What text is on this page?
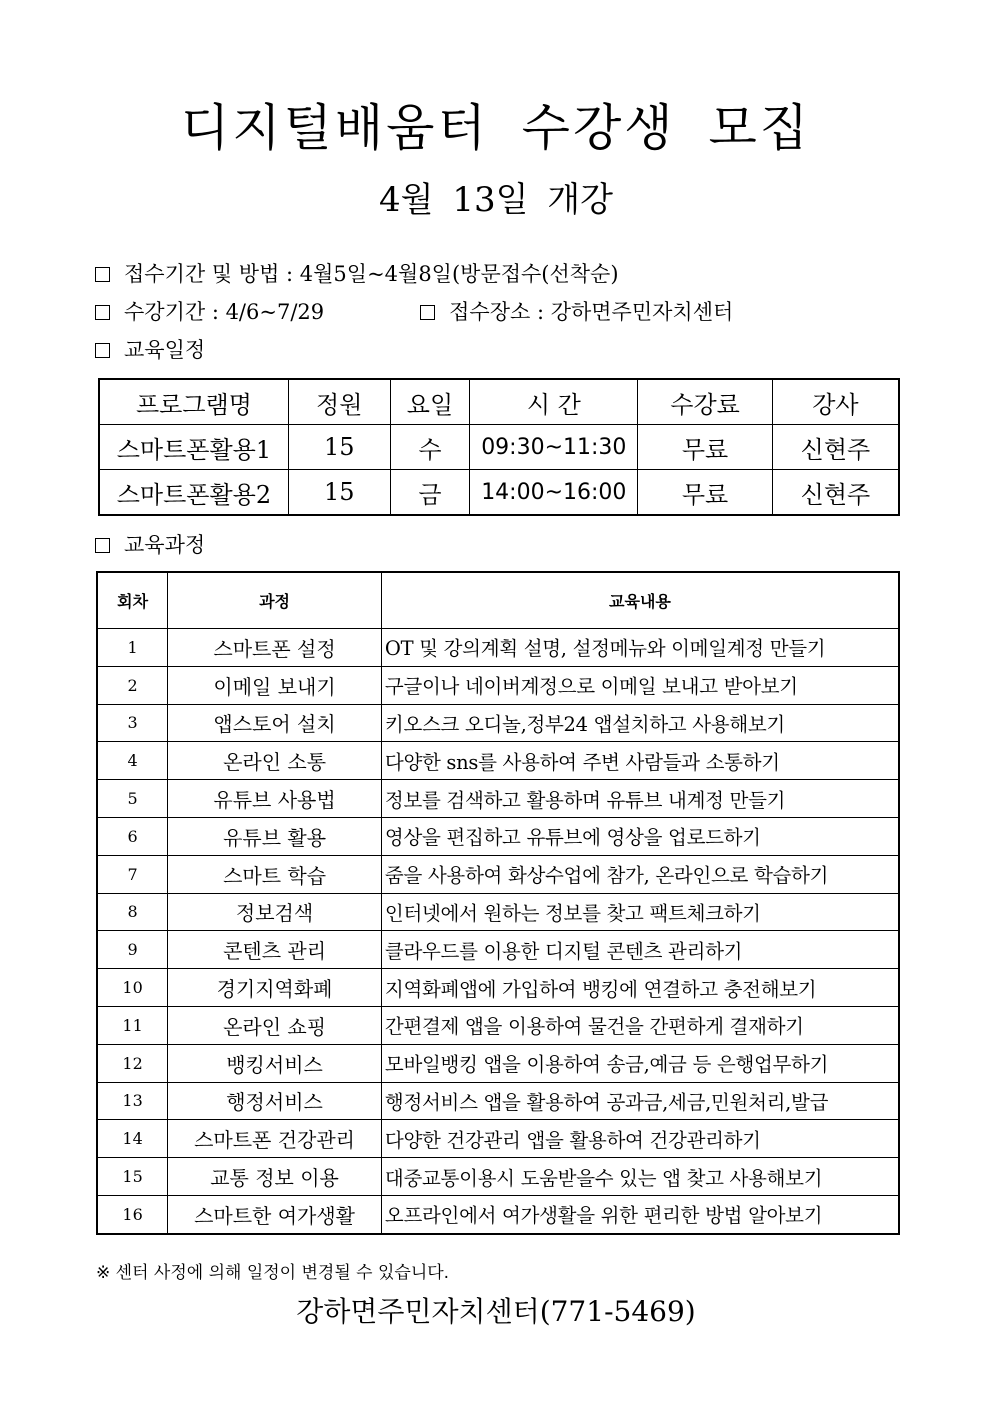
디지털배움터 수강생 모집
4월 13일 개강
접수기간 및 방법 : 4월5일~4월8일(방문접수(선착순)
수강기간 : 4/6~7/29	접수장소 : 강하면주민자치센터
교육일정
프로그램명	정원	요일	시 간	수강료	강사
스마트폰활용1	15	수	09:30~11:30	무료	신현주
스마트폰활용2	15	금	14:00~16:00	무료	신현주
교육과정
회차	과정	교육내용
1	스마트폰 설정	OT 및 강의계획 설명, 설정메뉴와 이메일계정 만들기
2	이메일 보내기	구글이나 네이버계정으로 이메일 보내고 받아보기
3	앱스토어 설치	키오스크 오디놀,정부24 앱설치하고 사용해보기
4	온라인 소통	다양한 sns를 사용하여 주변 사람들과 소통하기
5	유튜브 사용법	정보를 검색하고 활용하며 유튜브 내계정 만들기
6	유튜브 활용	영상을 편집하고 유튜브에 영상을 업로드하기
7	스마트 학습	줌을 사용하여 화상수업에 참가, 온라인으로 학습하기
8	정보검색	인터넷에서 원하는 정보를 찾고 팩트체크하기
9	콘텐츠 관리	클라우드를 이용한 디지털 콘텐츠 관리하기
10	경기지역화폐	지역화폐앱에 가입하여 뱅킹에 연결하고 충전해보기
11	온라인 쇼핑	간편결제 앱을 이용하여 물건을 간편하게 결재하기
12	뱅킹서비스	모바일뱅킹 앱을 이용하여 송금,예금 등 은행업무하기
13	행정서비스	행정서비스 앱을 활용하여 공과금,세금,민원처리,발급
14	스마트폰 건강관리	다양한 건강관리 앱을 활용하여 건강관리하기
15	교통 정보 이용	대중교통이용시 도움받을수 있는 앱 찾고 사용해보기
16	스마트한 여가생활	오프라인에서 여가생활을 위한 편리한 방법 알아보기
※ 센터 사정에 의해 일정이 변경될 수 있습니다.
강하면주민자치센터(771-5469)
